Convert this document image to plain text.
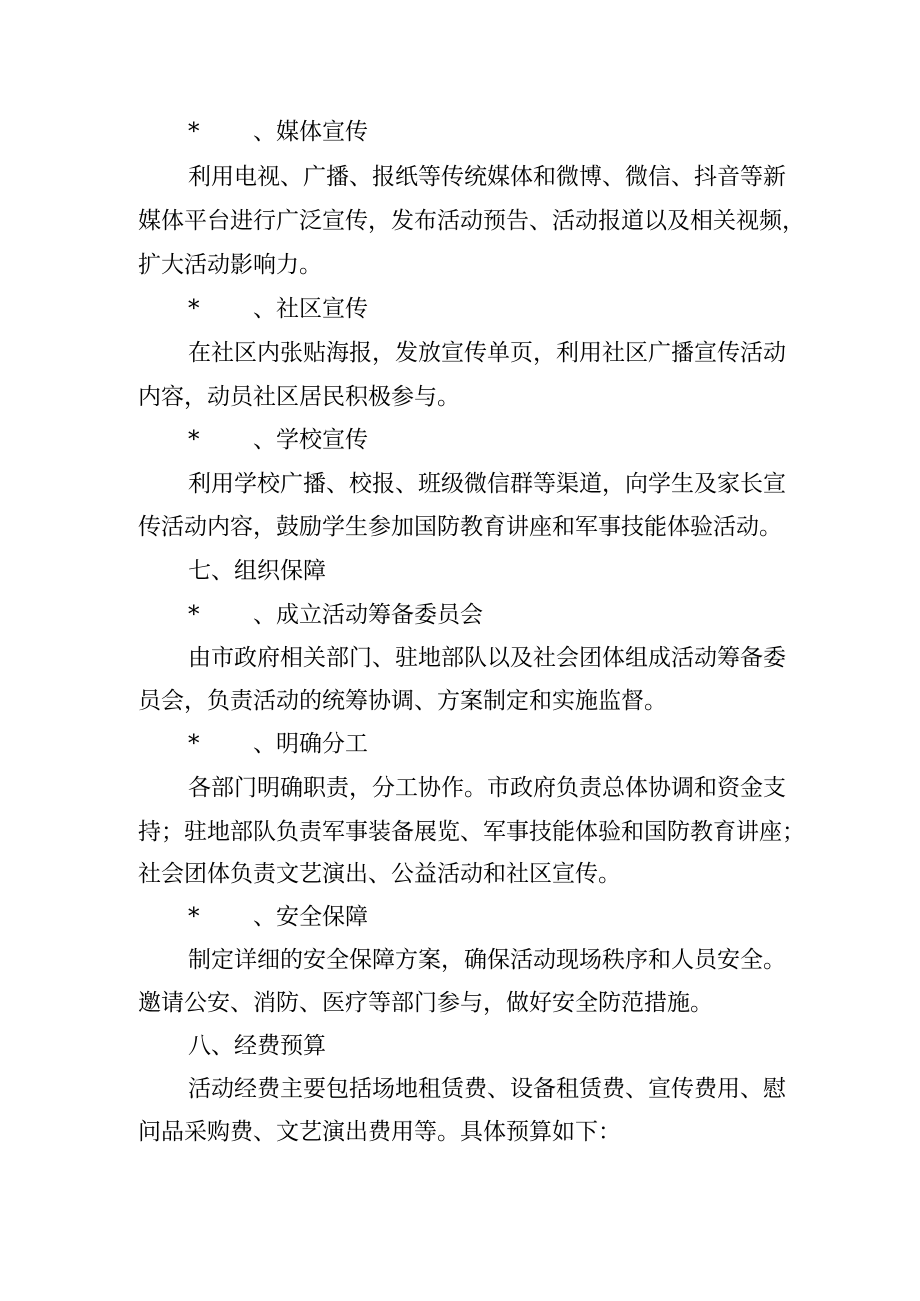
* 、媒体宣传
利用电视、广播、报纸等传统媒体和微博、微信、抖音等新
媒体平台进行广泛宣传，发布活动预告、活动报道以及相关视频，
扩大活动影响力。
* 、社区宣传
在社区内张贴海报，发放宣传单页，利用社区广播宣传活动
内容，动员社区居民积极参与。
* 、学校宣传
利用学校广播、校报、班级微信群等渠道，向学生及家长宣
传活动内容，鼓励学生参加国防教育讲座和军事技能体验活动。
七、组织保障
* 、成立活动筹备委员会
由市政府相关部门、驻地部队以及社会团体组成活动筹备委
员会，负责活动的统筹协调、方案制定和实施监督。
* 、明确分工
各部门明确职责，分工协作。市政府负责总体协调和资金支
持；驻地部队负责军事装备展览、军事技能体验和国防教育讲座；
社会团体负责文艺演出、公益活动和社区宣传。
* 、安全保障
制定详细的安全保障方案，确保活动现场秩序和人员安全。
邀请公安、消防、医疗等部门参与，做好安全防范措施。
八、经费预算
活动经费主要包括场地租赁费、设备租赁费、宣传费用、慰
问品采购费、文艺演出费用等。具体预算如下：
